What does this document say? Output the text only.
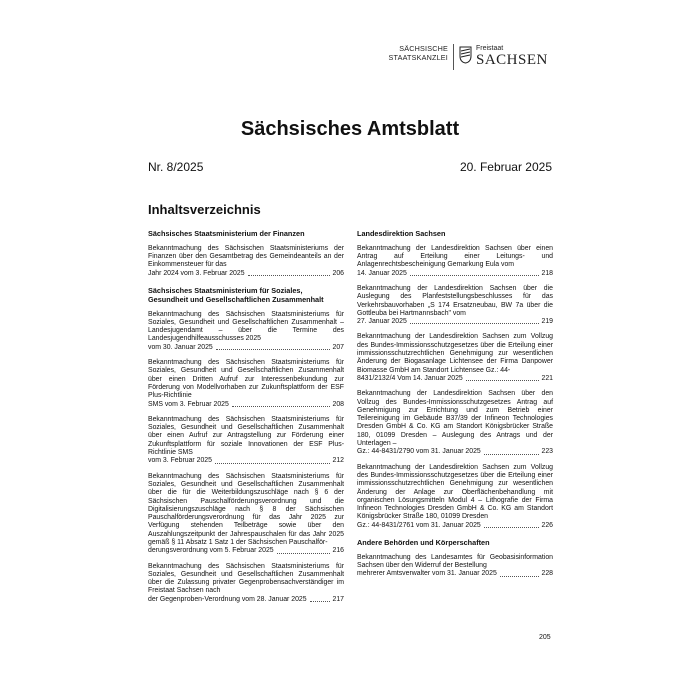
SÄCHSISCHE
STAATSKANZLEI
Freistaat
SACHSEN
Sächsisches Amtsblatt
Nr. 8/2025	20. Februar 2025
Inhaltsverzeichnis
Sächsisches Staatsministerium der Finanzen
Bekanntmachung des Sächsischen Staatsministeriums der Finanzen über den Gesamtbetrag des Gemeindeanteils an der Einkommensteuer für das
Jahr 2024 vom 3. Februar 2025	206
Sächsisches Staatsministerium für Soziales, Gesundheit und Gesellschaftlichen Zusammenhalt
Bekanntmachung des Sächsischen Staatsministeriums für Soziales, Gesundheit und Gesellschaftlichen Zusammenhalt – Landesjugendamt – über die Termine des Landesjugendhilfeausschusses 2025
vom 30. Januar 2025	207
Bekanntmachung des Sächsischen Staatsministeriums für Soziales, Gesundheit und Gesellschaftlichen Zusammenhalt über einen Dritten Aufruf zur Interessenbekundung zur Förderung von Modellvorhaben zur Zukunftsplattform der ESF Plus-Richtlinie
SMS vom 3. Februar 2025	208
Bekanntmachung des Sächsischen Staatsministeriums für Soziales, Gesundheit und Gesellschaftlichen Zusammenhalt über einen Aufruf zur Antragstellung zur Förderung einer Zukunftsplattform für soziale Innovationen der ESF Plus-Richtlinie SMS
vom 3. Februar 2025	212
Bekanntmachung des Sächsischen Staatsministeriums für Soziales, Gesundheit und Gesellschaftlichen Zusammenhalt über die für die Weiterbildungszuschläge nach § 6 der Sächsischen Pauschalförderungsverordnung und die Digitalisierungszuschläge nach § 8 der Sächsischen Pauschalförderungsverordnung für das Jahr 2025 zur Verfügung stehenden Teilbeträge sowie über den Auszahlungszeitpunkt der Jahrespauschalen für das Jahr 2025 gemäß § 11 Absatz 1 Satz 1 der Sächsischen Pauschalför-
derungsverordnung vom 5. Februar 2025	216
Bekanntmachung des Sächsischen Staatsministeriums für Soziales, Gesundheit und Gesellschaftlichen Zusammenhalt über die Zulassung privater Gegenprobensachverständiger im Freistaat Sachsen nach
der Gegenproben-Verordnung vom 28. Januar 2025	217
Landesdirektion Sachsen
Bekanntmachung der Landesdirektion Sachsen über einen Antrag auf Erteilung einer Leitungs- und Anlagenrechtsbescheinigung Gemarkung Eula vom
14. Januar 2025	218
Bekanntmachung der Landesdirektion Sachsen über die Auslegung des Planfeststellungsbeschlusses für das Verkehrsbauvorhaben „S 174 Ersatzneubau, BW 7a über die Gottleuba bei Hartmannsbach" vom
27. Januar 2025	219
Bekanntmachung der Landesdirektion Sachsen zum Vollzug des Bundes-Immissionsschutzgesetzes über die Erteilung einer immissionsschutzrechtlichen Genehmigung zur wesentlichen Änderung der Biogasanlage Lichtensee der Firma Danpower Biomasse GmbH am Standort Lichtensee Gz.: 44-
8431/2132/4 Vom 14. Januar 2025	221
Bekanntmachung der Landesdirektion Sachsen über den Vollzug des Bundes-Immissionsschutzgesetzes Antrag auf Genehmigung zur Errichtung und zum Betrieb einer Teilereinigung im Gebäude B37/39 der Infineon Technologies Dresden GmbH & Co. KG am Standort Königsbrücker Straße 180, 01099 Dresden – Auslegung des Antrags und der Unterlagen –
Gz.: 44-8431/2790 vom 31. Januar 2025	223
Bekanntmachung der Landesdirektion Sachsen zum Vollzug des Bundes-Immissionsschutzgesetzes über die Erteilung einer immissionsschutzrechtlichen Genehmigung zur wesentlichen Änderung der Anlage zur Oberflächenbehandlung mit organischen Lösungsmitteln Modul 4 – Lithografie der Firma Infineon Technologies Dresden GmbH & Co. KG am Standort Königsbrücker Straße 180, 01099 Dresden
Gz.: 44-8431/2761 vom 31. Januar 2025	226
Andere Behörden und Körperschaften
Bekanntmachung des Landesamtes für Geobasisinformation Sachsen über den Widerruf der Bestellung
mehrerer Amtsverwalter vom 31. Januar 2025	228
205
